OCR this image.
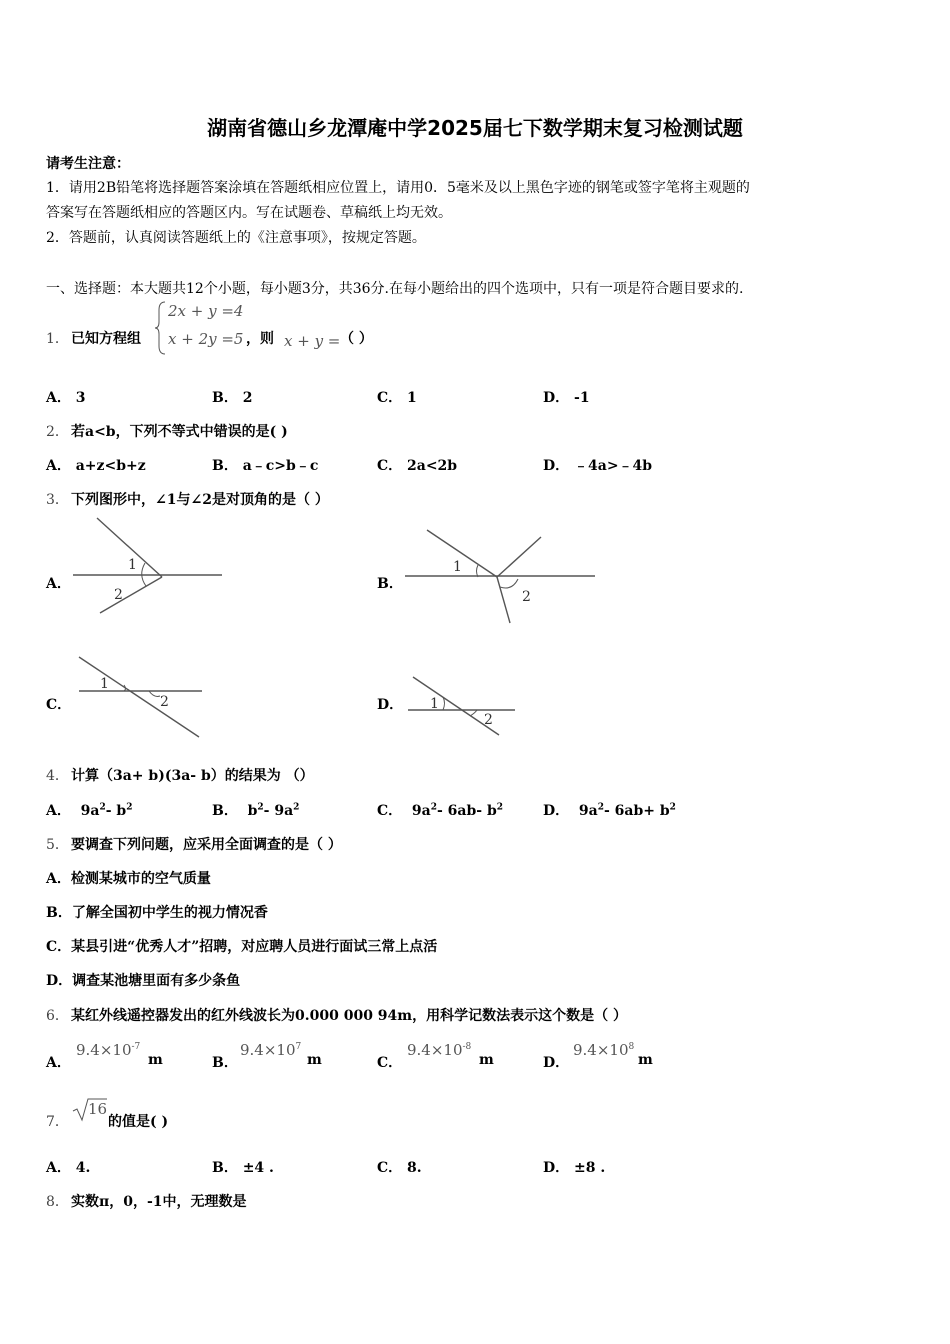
湖南省德山乡龙潭庵中学2025届七下数学期末复习检测试题
请考生注意：
1．请用2B铅笔将选择题答案涂填在答题纸相应位置上，请用0．5毫米及以上黑色字迹的钢笔或签字笔将主观题的
答案写在答题纸相应的答题区内。写在试题卷、草稿纸上均无效。
2．答题前，认真阅读答题纸上的《注意事项》，按规定答题。
一、选择题：本大题共12个小题，每小题3分，共36分.在每小题给出的四个选项中，只有一项是符合题目要求的.
1． 已知方程组
2x + y =4
x + 2y =5 ，则 x + y = （ ）
A． 3	B． 2	C． 1	D． -1
2． 若a<b，下列不等式中错误的是( )
A． a+z<b+z	B． a﹣c>b﹣c	C． 2a<2b	D． ﹣4a>﹣4b
3． 下列图形中，∠1与∠2是对顶角的是（ ）
A．
1
2
B．
1
2
C．
1
2	D． 1
2
4． 计算（3a+ b)(3a- b）的结果为 （）
A． $9a^2-$ $b^2$	B． $b^2-$ $9a^2$	C． $9a^2-$ 6ab- $b^2$	D． $9a^2-$ $6ab+ b^2$
5． 要调查下列问题，应采用全面调查的是（ ）
A．检测某城市的空气质量
B．了解全国初中学生的视力情况香
C．某县引进“优秀人才”招聘，对应聘人员进行面试三常上点活
D．调查某池塘里面有多少条鱼
6． 某红外线遥控器发出的红外线波长为0.000 000 94m，用科学记数法表示这个数是（ ）
A．
$9.4\times 10^{-7}$
m	B．
$9.4\times 10^7$
m	C．
$9.4\times 10^{-8}$
m	D．
$9.4\times 10^8$
m
7．
16
的值是( )
A． 4.	B． ±4 .	C． 8.	D． ±8 .
8． 实数π，0，-1中，无理数是
